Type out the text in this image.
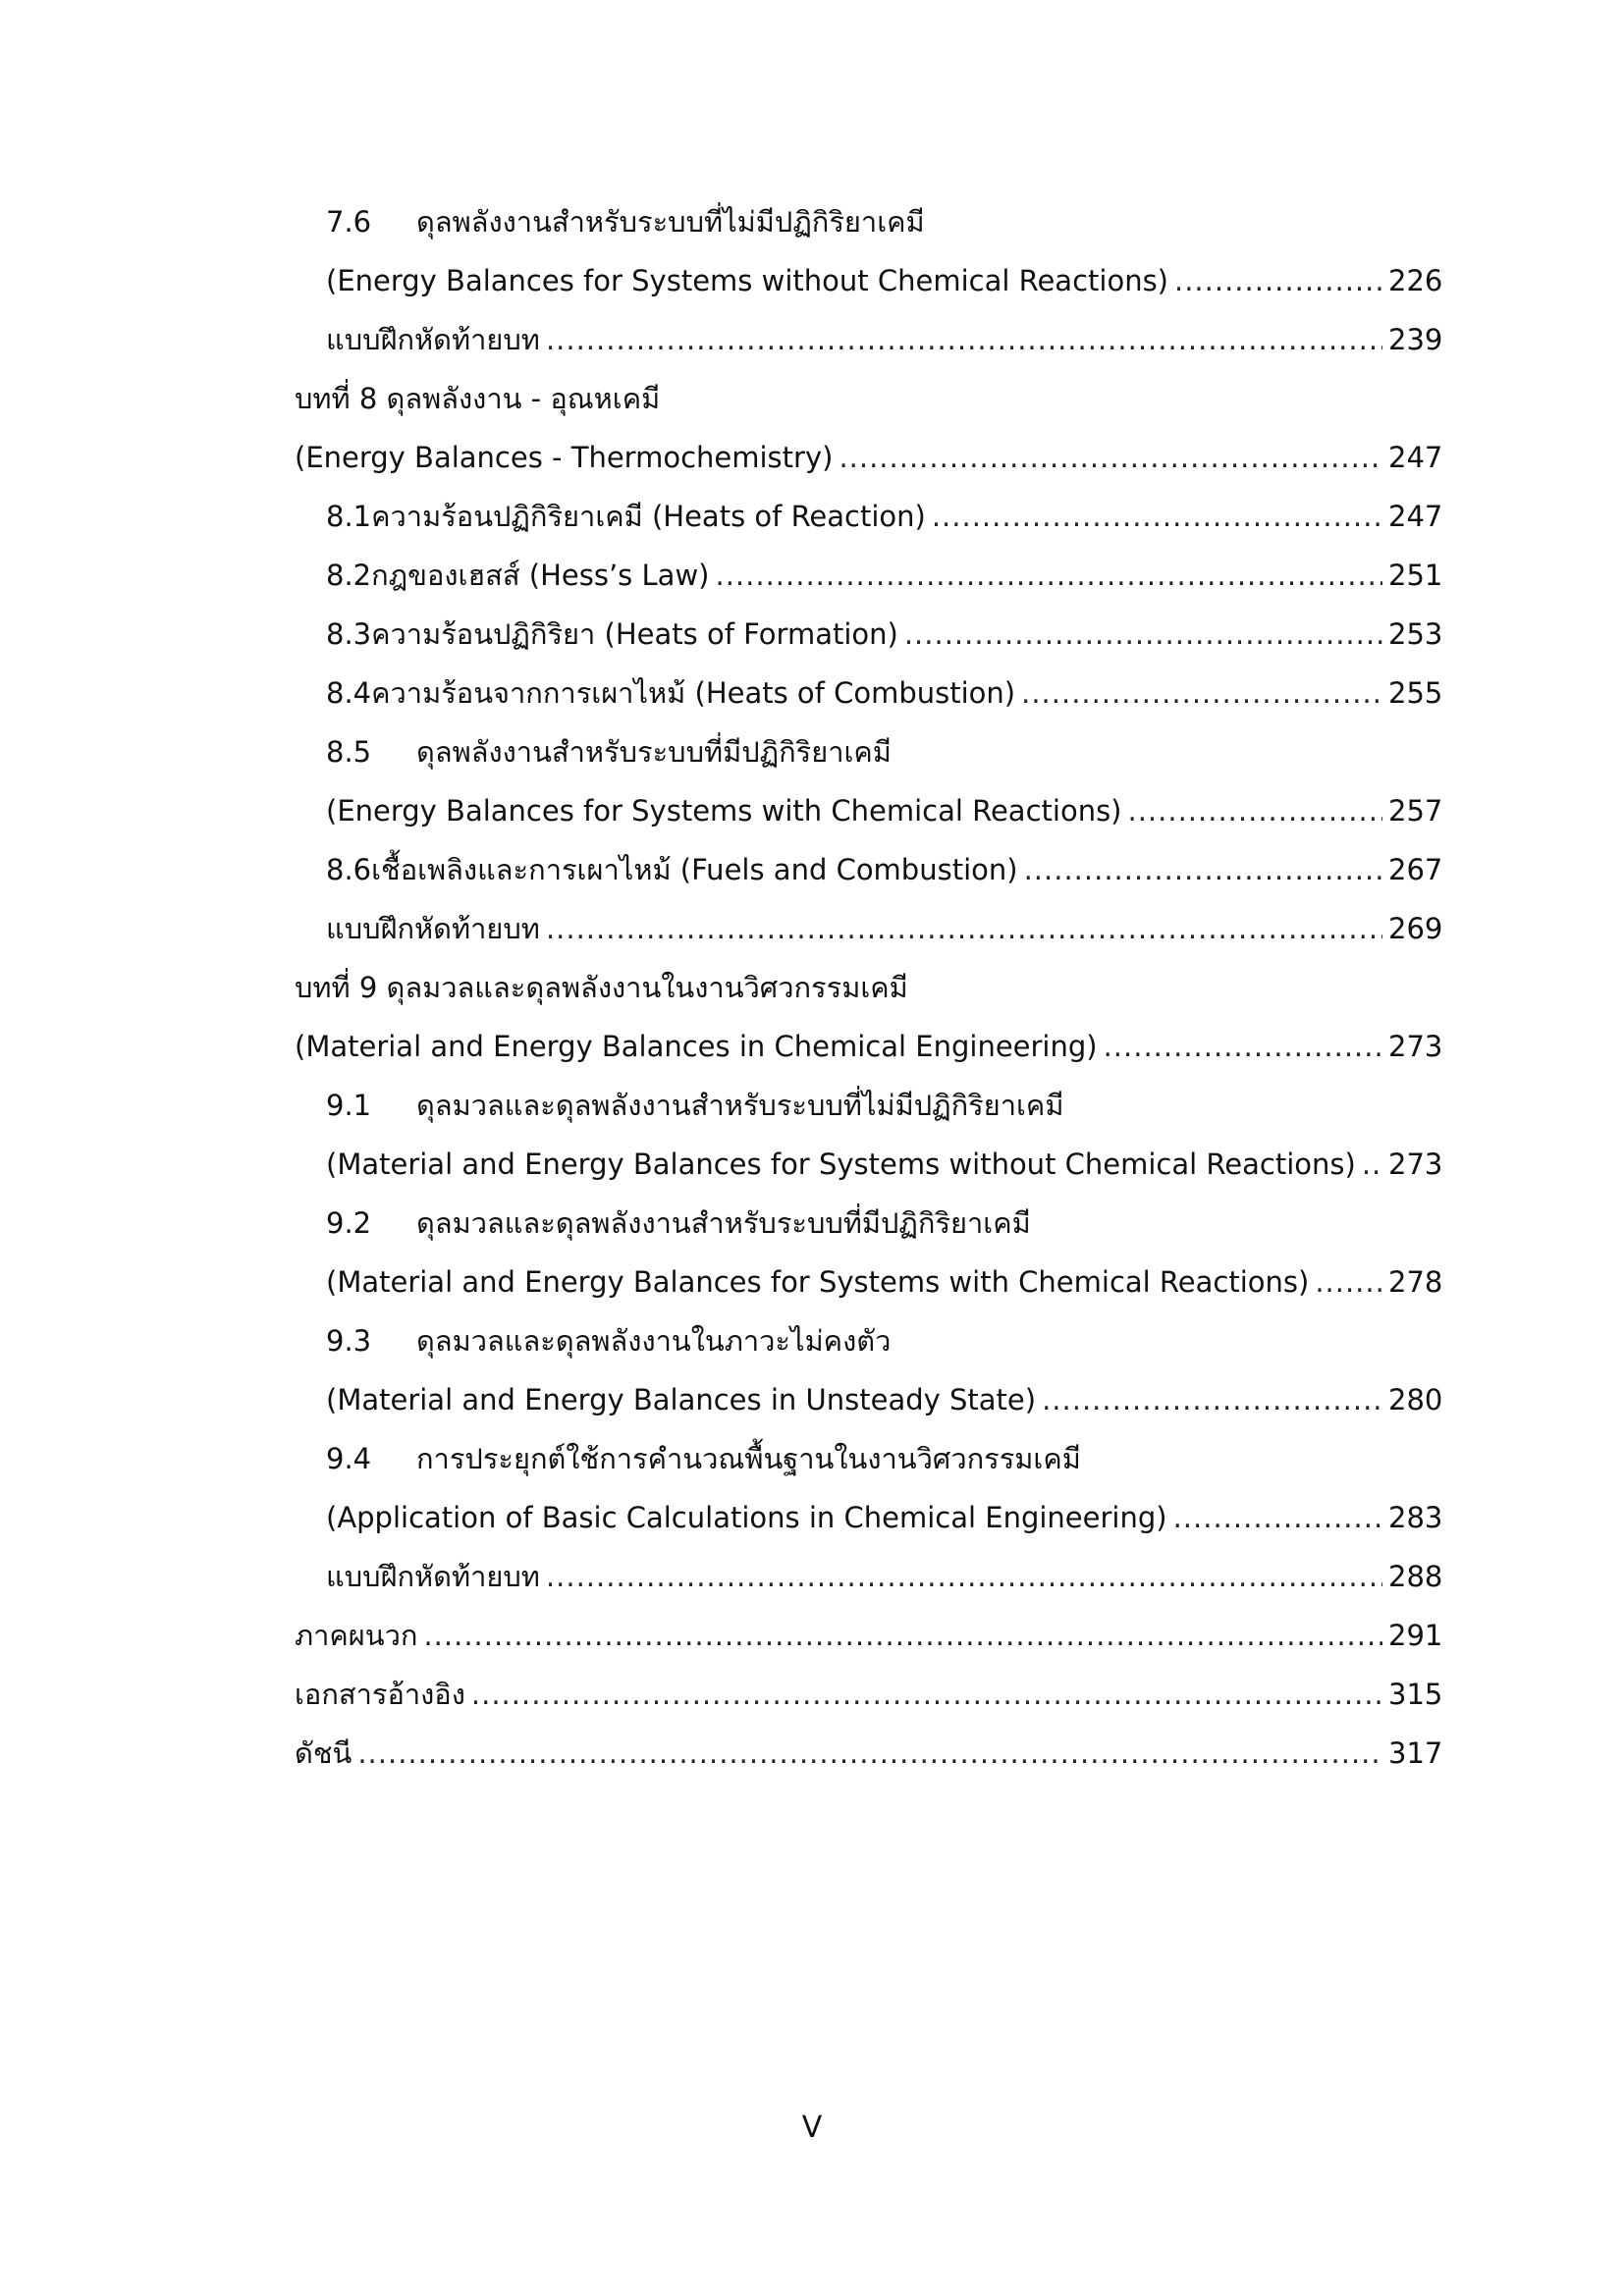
7.6	ดุลพลังงานสำหรับระบบที่ไม่มีปฏิกิริยาเคมี
(Energy Balances for Systems without Chemical Reactions) .....	226
แบบฝึกหัดท้ายบท .....	239
บทที่ 8 ดุลพลังงาน - อุณหเคมี
(Energy Balances - Thermochemistry) .....	247
8.1 ความร้อนปฏิกิริยาเคมี (Heats of Reaction) .....	247
8.2 กฎของเฮสส์ (Hess’s Law) .....	251
8.3 ความร้อนปฏิกิริยา (Heats of Formation) .....	253
8.4 ความร้อนจากการเผาไหม้ (Heats of Combustion) .....	255
8.5	ดุลพลังงานสำหรับระบบที่มีปฏิกิริยาเคมี
(Energy Balances for Systems with Chemical Reactions) .....	257
8.6 เชื้อเพลิงและการเผาไหม้ (Fuels and Combustion) .....	267
แบบฝึกหัดท้ายบท .....	269
บทที่ 9 ดุลมวลและดุลพลังงานในงานวิศวกรรมเคมี
(Material and Energy Balances in Chemical Engineering) .....	273
9.1	ดุลมวลและดุลพลังงานสำหรับระบบที่ไม่มีปฏิกิริยาเคมี
(Material and Energy Balances for Systems without Chemical Reactions) ..... 273
9.2	ดุลมวลและดุลพลังงานสำหรับระบบที่มีปฏิกิริยาเคมี
(Material and Energy Balances for Systems with Chemical Reactions) .....	278
9.3	ดุลมวลและดุลพลังงานในภาวะไม่คงตัว
(Material and Energy Balances in Unsteady State) .....	280
9.4	การประยุกต์ใช้การคำนวณพื้นฐานในงานวิศวกรรมเคมี
(Application of Basic Calculations in Chemical Engineering) .....	283
แบบฝึกหัดท้ายบท .....	288
ภาคผนวก .....	291
เอกสารอ้างอิง .....	315
ดัชนี .....	317
V
